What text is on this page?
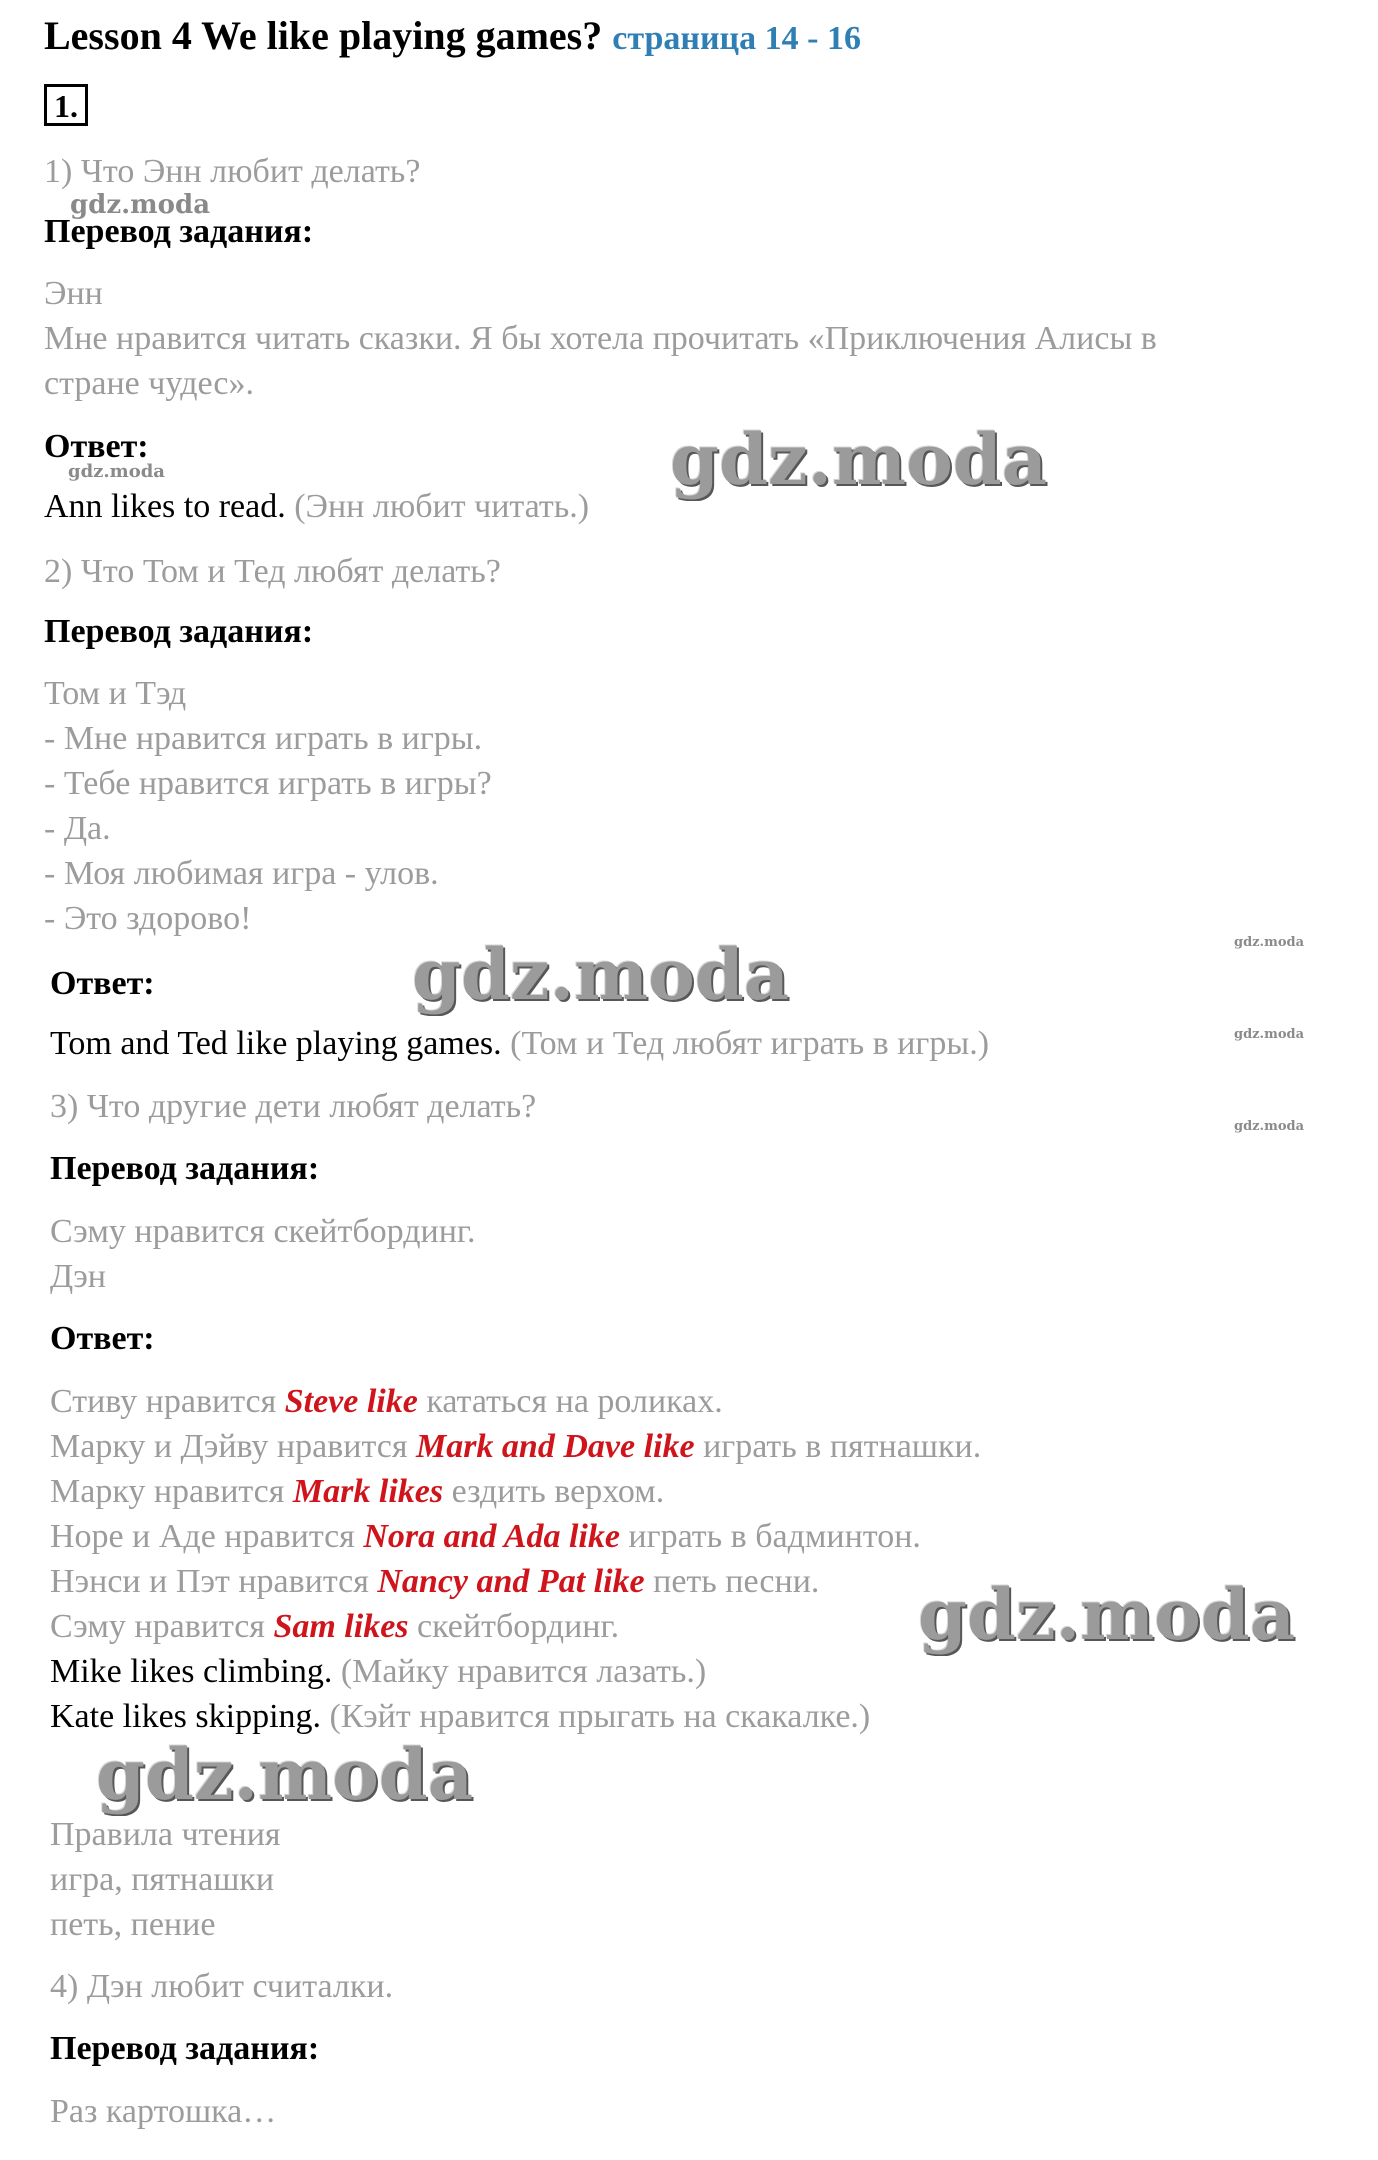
Lesson 4 We like playing games? страница 14 - 16
1.
1) Что Энн любит делать?
Перевод задания:
Энн
Мне нравится читать сказки. Я бы хотела прочитать «Приключения Алисы в
стране чудес».
Ответ:
Ann likes to read. (Энн любит читать.)
2) Что Том и Тед любят делать?
Перевод задания:
Том и Тэд
- Мне нравится играть в игры.
- Тебе нравится играть в игры?
- Да.
- Моя любимая игра - улов.
- Это здорово!
Ответ:
Tom and Ted like playing games. (Том и Тед любят играть в игры.)
3) Что другие дети любят делать?
Перевод задания:
Сэму нравится скейтбординг.
Дэн
Ответ:
Стиву нравится Steve like кататься на роликах.
Марку и Дэйву нравится Mark and Dave like играть в пятнашки.
Марку нравится Mark likes ездить верхом.
Норе и Аде нравится Nora and Ada like играть в бадминтон.
Нэнси и Пэт нравится Nancy and Pat like петь песни.
Сэму нравится Sam likes скейтбординг.
Mike likes climbing. (Майку нравится лазать.)
Kate likes skipping. (Кэйт нравится прыгать на скакалке.)
Правила чтения
игра, пятнашки
петь, пение
4) Дэн любит считалки.
Перевод задания:
Раз картошка…
gdz.moda
gdz.moda	gdz.moda
gdz.moda	gdz.moda
gdz.moda
gdz.moda
gdz.moda
gdz.moda
